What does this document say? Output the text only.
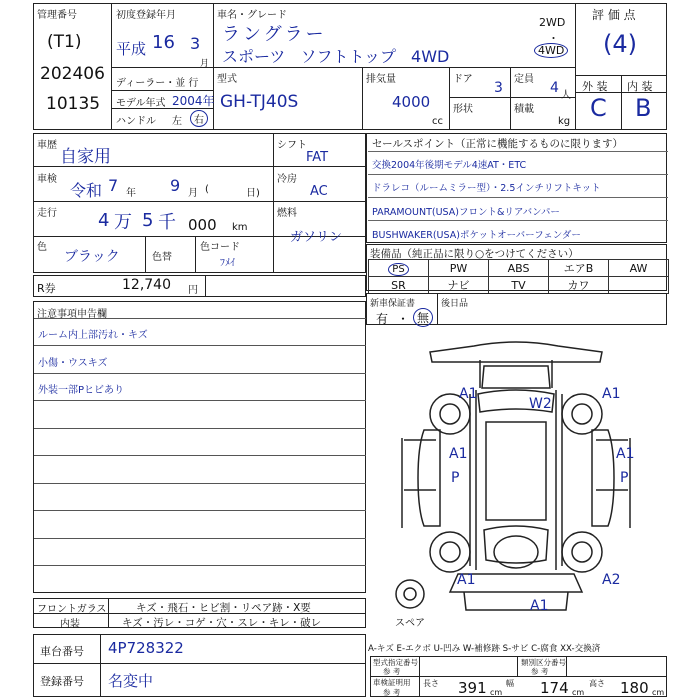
管理番号
(T1)
202406
10135
初度登録年月
平成 16 3
月
車名・グレード
ラングラー
スポーツ ソフトトップ 4WD
2WD
・
4WD
評 価 点
(4)
外 装 内 装
C B
ディーラー・並 行
モデル年式 2004年
ハンドル 左	右
型式
GH-TJ40S
排気量
4000
cc
ドア
3
形状
定員
4 人
積載
kg
車歴
自家用
車検
令和 7 年 9 月 (	日)
走行 4 万 5 千 000 km
色
ブラック	色替
色コード
ﾌﾒｲ
シフト
FAT
冷房
AC
燃料
ガソリン
R券	12,740 円
注意事項申告欄
ルーム内上部汚れ・キズ
小傷・ウスキズ
外装一部Pヒビあり
セールスポイント（正常に機能するものに限ります）
交換2004年後期モデル4速AT・ETC
ドラレコ（ルームミラー型）・2.5インチリフトキット
PARAMOUNT(USA)フロント&リアバンパー
BUSHWAKER(USA)ポケットオーバーフェンダー
装備品（純正品に限り○をつけてください）
PS	PW	ABS	エアB	AW
SR	ナビ	TV	カワ	
新車保証書
有 ・ 無
後日品
W2
A1	A1
A1
P
A1
P
A1	A2
A1
スペア
フロントガラス	キズ・飛石・ヒビ割・リペア跡・X要
内装	キズ・汚レ・コゲ・穴・スレ・キレ・破レ
車台番号 4P728322
登録番号 名変中
A-キズ E-エクボ U-凹み W-補修跡 S-サビ C-腐食 XX-交換済
型式指定番号
参 考
類別区分番号
参 考
車検証明用
参 考
長さ 391 cm
幅 174 cm
高さ 180 cm
